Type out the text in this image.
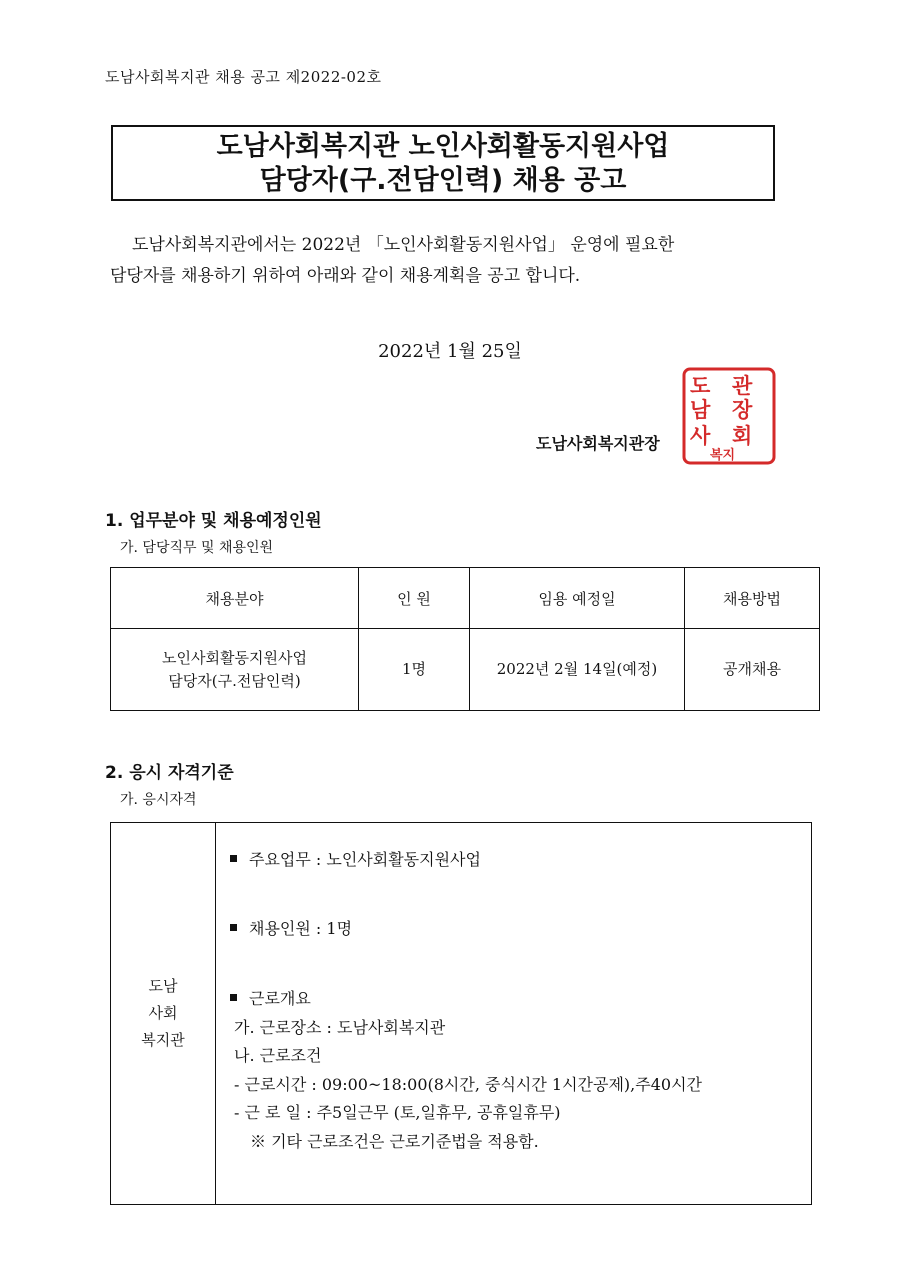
도남사회복지관 채용 공고 제2022-02호
도남사회복지관 노인사회활동지원사업
담당자(구.전담인력) 채용 공고
도남사회복지관에서는 2022년 「노인사회활동지원사업」 운영에 필요한
담당자를 채용하기 위하여 아래와 같이 채용계획을 공고 합니다.
2022년 1월 25일
도남사회복지관장
관
장
도
남
사 회
복지
1. 업무분야 및 채용예정인원
가. 담당직무 및 채용인원
채용분야	인 원	임용 예정일	채용방법

노인사회활동지원사업
담당자(구.전담인력)	1명	2022년 2월 14일(예정)	공개채용
2. 응시 자격기준
가. 응시자격
도남
사회
복지관

주요업무 : 노인사회활동지원사업
채용인원 : 1명
근로개요
가. 근로장소 : 도남사회복지관
나. 근로조건
- 근로시간 : 09:00~18:00(8시간, 중식시간 1시간공제),주40시간
- 근 로 일 : 주5일근무 (토,일휴무, 공휴일휴무)
※ 기타 근로조건은 근로기준법을 적용함.
